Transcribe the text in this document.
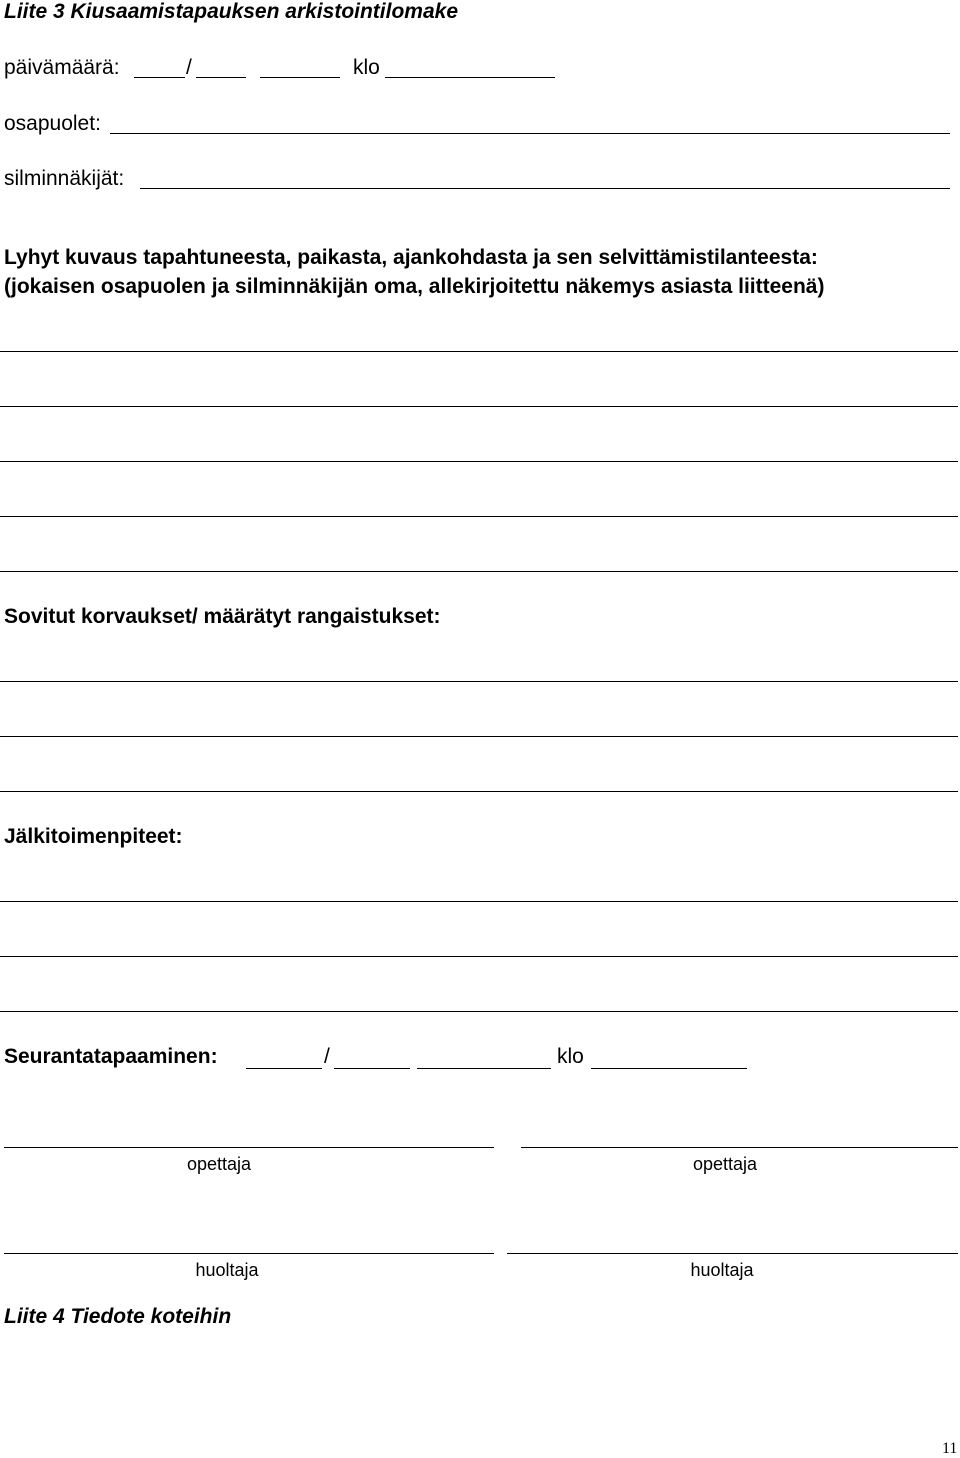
Liite 3 Kiusaamistapauksen arkistointilomake
päivämäärä:	/	klo
osapuolet:
silminnäkijät:
Lyhyt kuvaus tapahtuneesta, paikasta, ajankohdasta ja sen selvittämistilanteesta:
(jokaisen osapuolen ja silminnäkijän oma, allekirjoitettu näkemys asiasta liitteenä)
Sovitut korvaukset/ määrätyt rangaistukset:
Jälkitoimenpiteet:
Seurantatapaaminen:	/	klo
opettaja	opettaja
huoltaja	huoltaja
Liite 4 Tiedote koteihin
11
